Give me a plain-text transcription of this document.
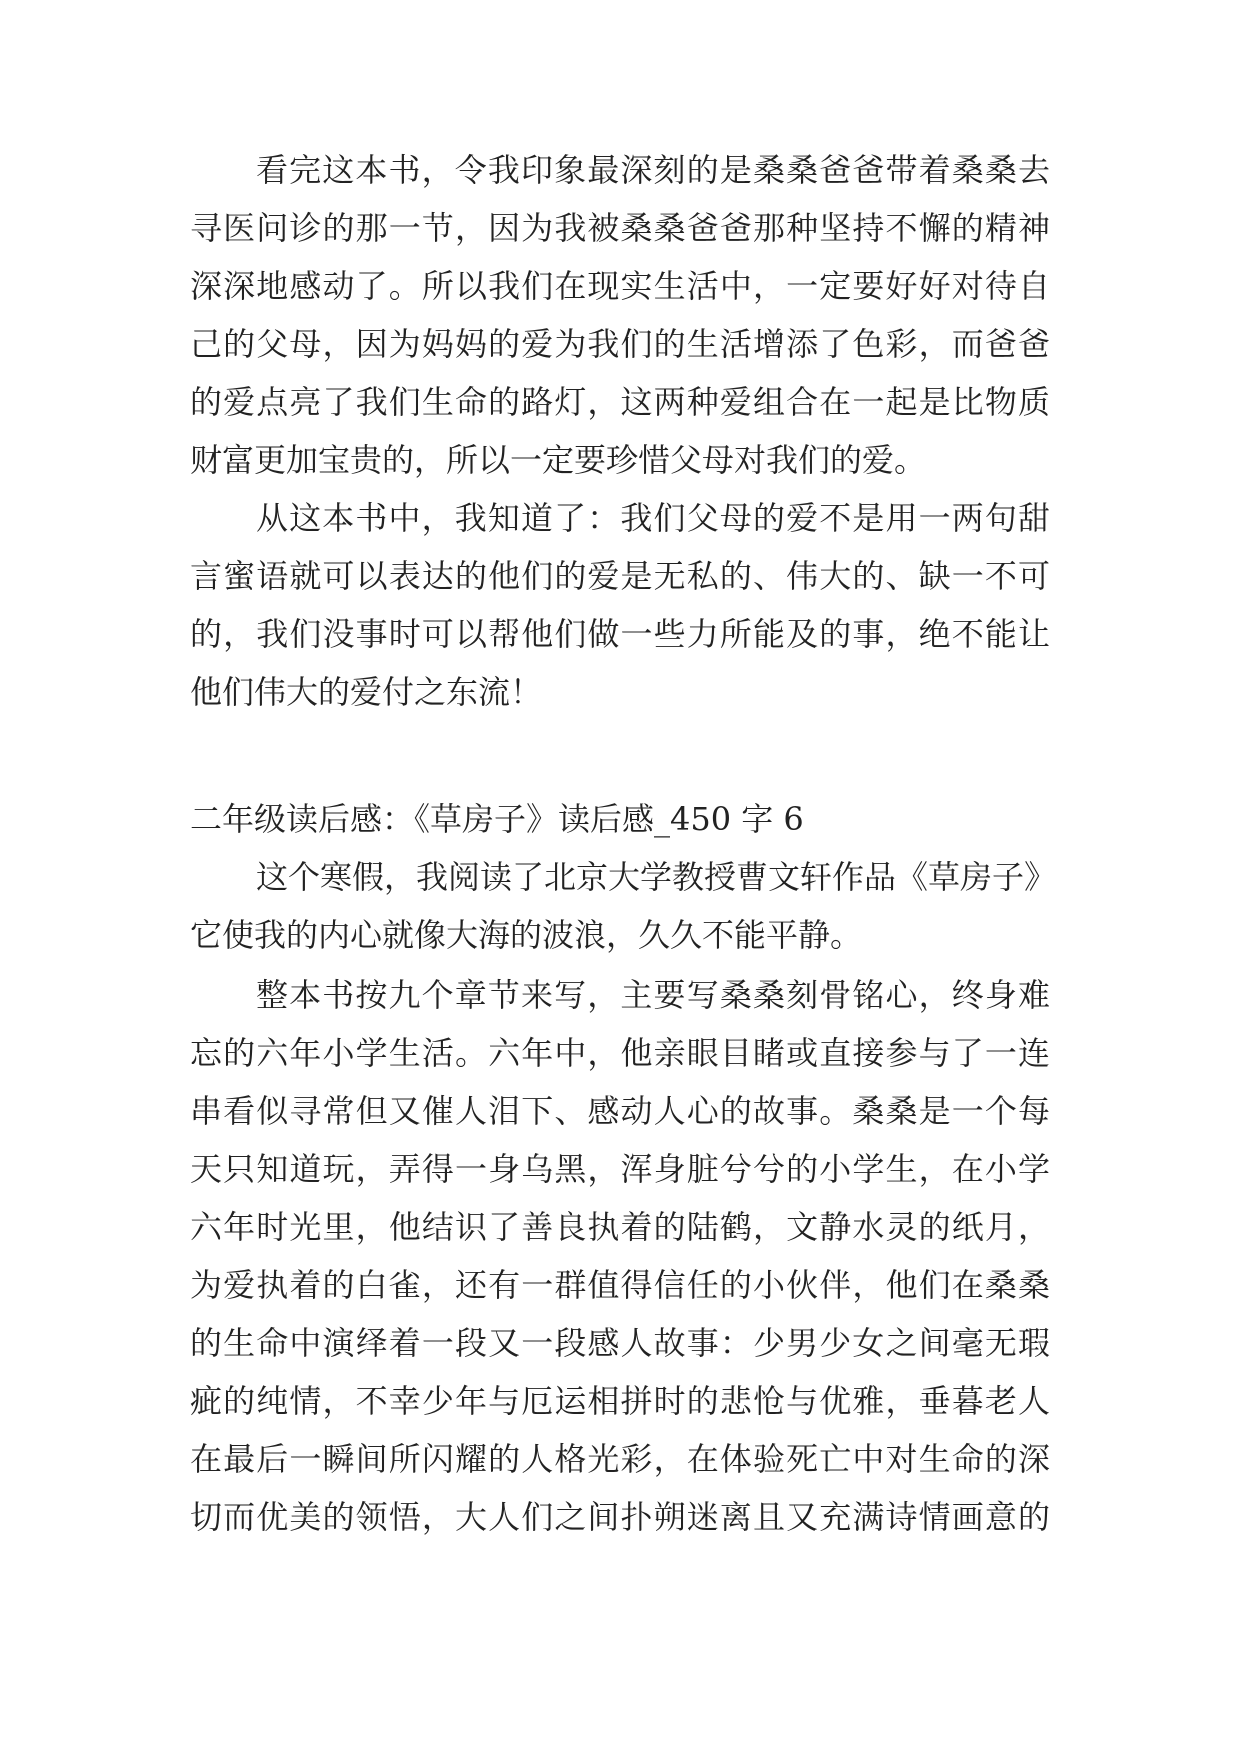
看完这本书，令我印象最深刻的是桑桑爸爸带着桑桑去
寻医问诊的那一节，因为我被桑桑爸爸那种坚持不懈的精神
深深地感动了。所以我们在现实生活中，一定要好好对待自
己的父母，因为妈妈的爱为我们的生活增添了色彩，而爸爸
的爱点亮了我们生命的路灯，这两种爱组合在一起是比物质
财富更加宝贵的，所以一定要珍惜父母对我们的爱。
从这本书中，我知道了：我们父母的爱不是用一两句甜
言蜜语就可以表达的他们的爱是无私的、伟大的、缺一不可
的，我们没事时可以帮他们做一些力所能及的事，绝不能让
他们伟大的爱付之东流！
二年级读后感：《草房子》读后感_450 字 6
这个寒假，我阅读了北京大学教授曹文轩作品《草房子》
它使我的内心就像大海的波浪，久久不能平静。
整本书按九个章节来写，主要写桑桑刻骨铭心，终身难
忘的六年小学生活。六年中，他亲眼目睹或直接参与了一连
串看似寻常但又催人泪下、感动人心的故事。桑桑是一个每
天只知道玩，弄得一身乌黑，浑身脏兮兮的小学生，在小学
六年时光里，他结识了善良执着的陆鹤，文静水灵的纸月，
为爱执着的白雀，还有一群值得信任的小伙伴，他们在桑桑
的生命中演绎着一段又一段感人故事：少男少女之间毫无瑕
疵的纯情，不幸少年与厄运相拼时的悲怆与优雅，垂暮老人
在最后一瞬间所闪耀的人格光彩，在体验死亡中对生命的深
切而优美的领悟，大人们之间扑朔迷离且又充满诗情画意的
